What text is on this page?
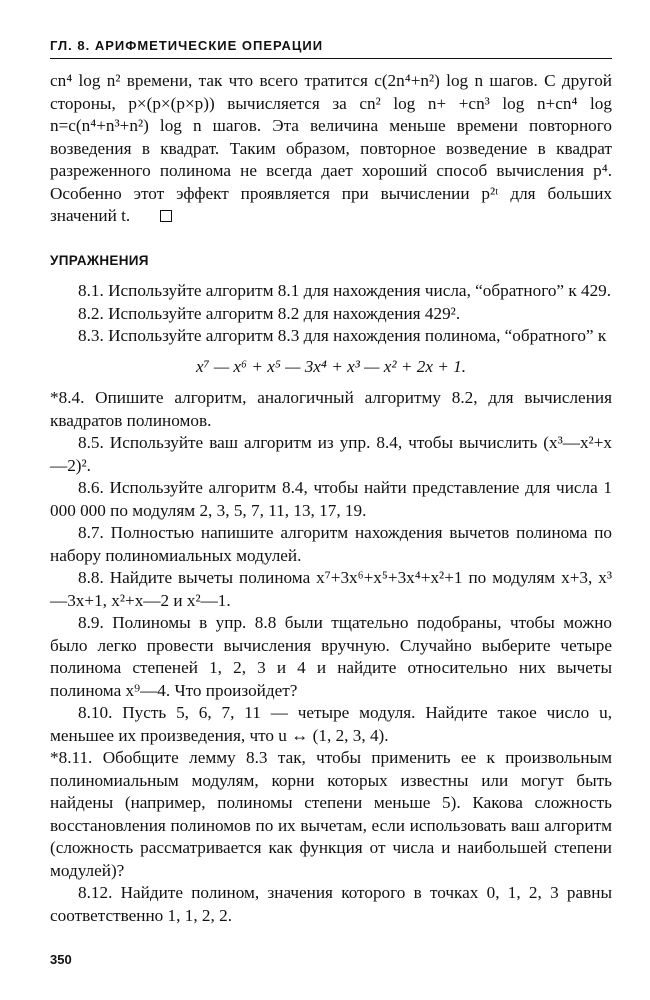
ГЛ. 8. АРИФМЕТИЧЕСКИЕ ОПЕРАЦИИ

cn⁴ log n² времени, так что всего тратится c(2n⁴+n²) log n шагов. С другой стороны, p×(p×(p×p)) вычисляется за cn² log n+ +cn³ log n+cn⁴ log n=c(n⁴+n³+n²) log n шагов. Эта величина меньше времени повторного возведения в квадрат. Таким образом, повторное возведение в квадрат разреженного полинома не всегда дает хороший способ вычисления p⁴. Особенно этот эффект проявляется при вычислении p²ᵗ для больших значений t.

УПРАЖНЕНИЯ

8.1. Используйте алгоритм 8.1 для нахождения числа, “обратного” к 429.

8.2. Используйте алгоритм 8.2 для нахождения 429².

8.3. Используйте алгоритм 8.3 для нахождения полинома, “обратного” к

x⁷ — x⁶ + x⁵ — 3x⁴ + x³ — x² + 2x + 1.

*8.4. Опишите алгоритм, аналогичный алгоритму 8.2, для вычисления квадратов полиномов.

8.5. Используйте ваш алгоритм из упр. 8.4, чтобы вычислить (x³—x²+x—2)².

8.6. Используйте алгоритм 8.4, чтобы найти представление для числа 1 000 000 по модулям 2, 3, 5, 7, 11, 13, 17, 19.

8.7. Полностью напишите алгоритм нахождения вычетов полинома по набору полиномиальных модулей.

8.8. Найдите вычеты полинома x⁷+3x⁶+x⁵+3x⁴+x²+1 по модулям x+3, x³—3x+1, x²+x—2 и x²—1.

8.9. Полиномы в упр. 8.8 были тщательно подобраны, чтобы можно было легко провести вычисления вручную. Случайно выберите четыре полинома степеней 1, 2, 3 и 4 и найдите относительно них вычеты полинома x⁹—4. Что произойдет?

8.10. Пусть 5, 6, 7, 11 — четыре модуля. Найдите такое число u, меньшее их произведения, что u ↔ (1, 2, 3, 4).

*8.11. Обобщите лемму 8.3 так, чтобы применить ее к произвольным полиномиальным модулям, корни которых известны или могут быть найдены (например, полиномы степени меньше 5). Какова сложность восстановления полиномов по их вычетам, если использовать ваш алгоритм (сложность рассматривается как функция от числа и наибольшей степени модулей)?

8.12. Найдите полином, значения которого в точках 0, 1, 2, 3 равны соответственно 1, 1, 2, 2.

350
